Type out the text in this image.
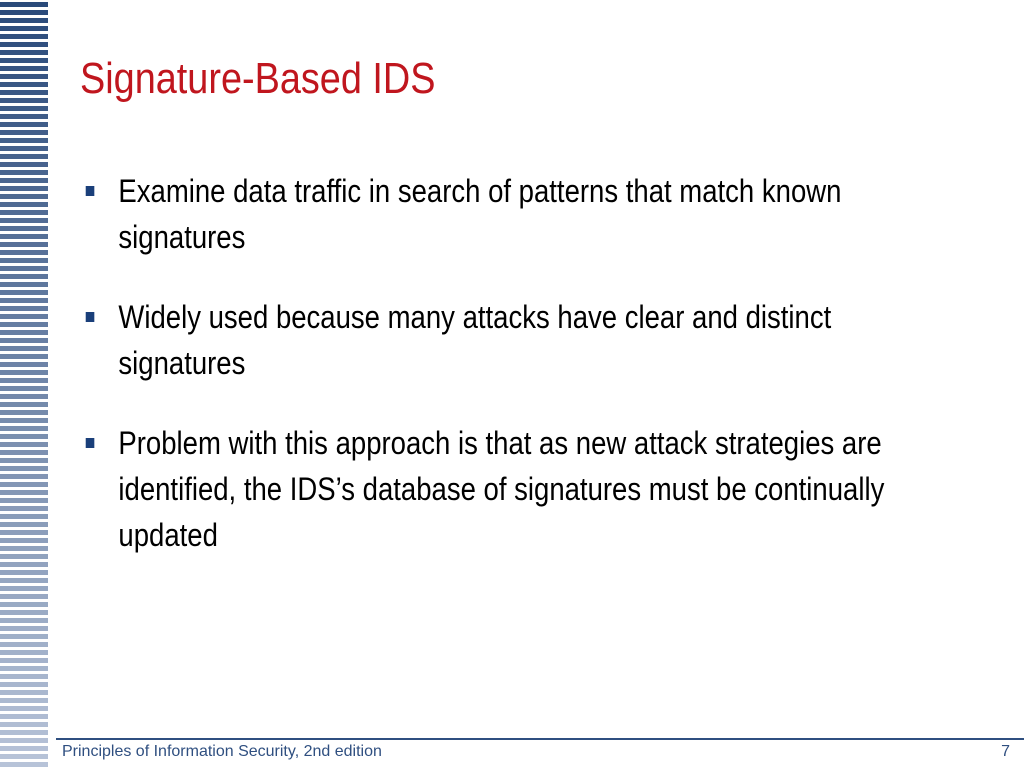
Signature-Based IDS
Examine data traffic in search of patterns that match known signatures
Widely used because many attacks have clear and distinct signatures
Problem with this approach is that as new attack strategies are identified, the IDS’s database of signatures must be continually updated
Principles of Information Security, 2nd edition	7
